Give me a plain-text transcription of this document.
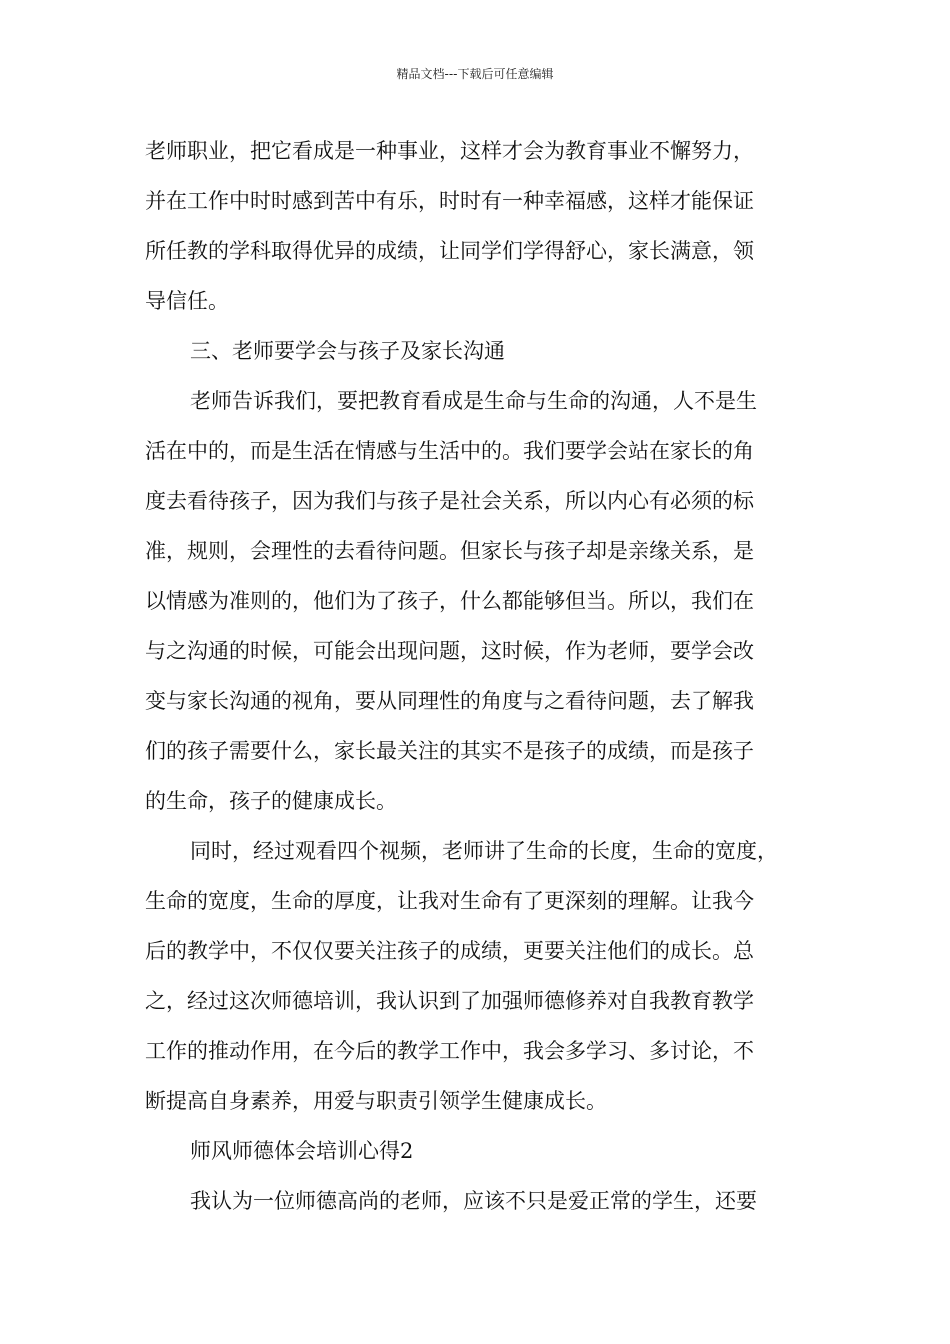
精品文档---下载后可任意编辑
老师职业，把它看成是一种事业，这样才会为教育事业不懈努力，
并在工作中时时感到苦中有乐，时时有一种幸福感，这样才能保证
所任教的学科取得优异的成绩，让同学们学得舒心，家长满意，领
导信任。
三、老师要学会与孩子及家长沟通
老师告诉我们，要把教育看成是生命与生命的沟通，人不是生
活在中的，而是生活在情感与生活中的。我们要学会站在家长的角
度去看待孩子，因为我们与孩子是社会关系，所以内心有必须的标
准，规则，会理性的去看待问题。但家长与孩子却是亲缘关系，是
以情感为准则的，他们为了孩子，什么都能够但当。所以，我们在
与之沟通的时候，可能会出现问题，这时候，作为老师，要学会改
变与家长沟通的视角，要从同理性的角度与之看待问题，去了解我
们的孩子需要什么，家长最关注的其实不是孩子的成绩，而是孩子
的生命，孩子的健康成长。
同时，经过观看四个视频，老师讲了生命的长度，生命的宽度，
生命的宽度，生命的厚度，让我对生命有了更深刻的理解。让我今
后的教学中，不仅仅要关注孩子的成绩，更要关注他们的成长。总
之，经过这次师德培训，我认识到了加强师德修养对自我教育教学
工作的推动作用，在今后的教学工作中，我会多学习、多讨论，不
断提高自身素养，用爱与职责引领学生健康成长。
师风师德体会培训心得2
我认为一位师德高尚的老师，应该不只是爱正常的学生，还要
